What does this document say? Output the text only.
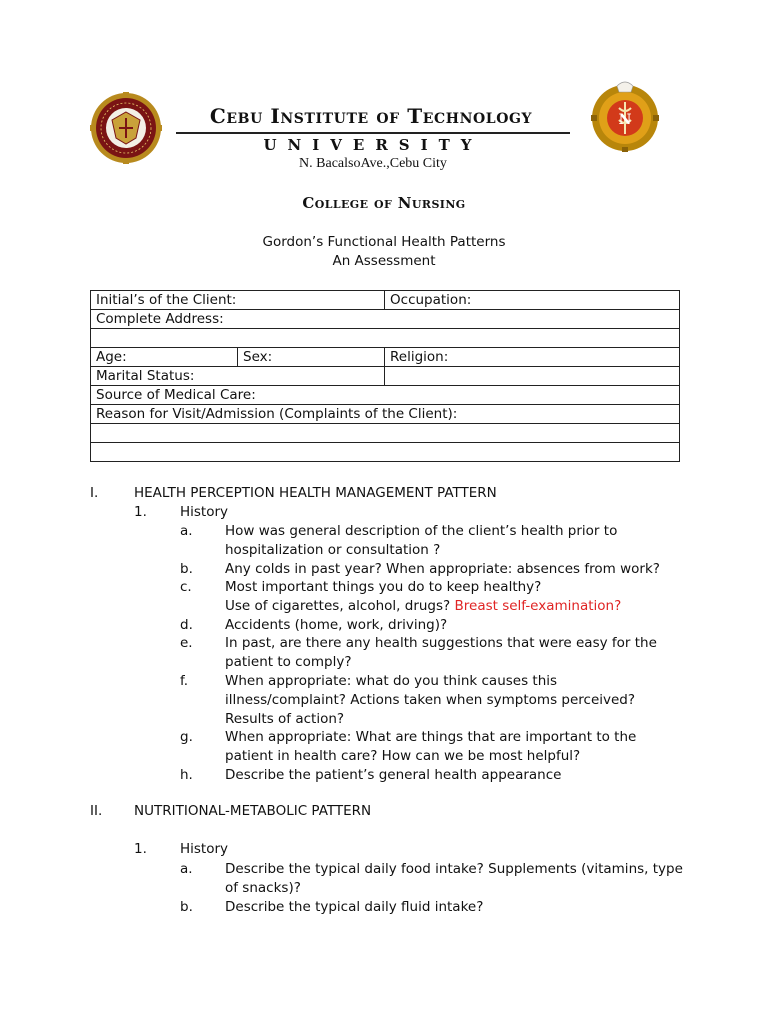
Cebu Institute of Technology
UNIVERSITY
N. BacalsoAve.,Cebu City
N
College of Nursing
Gordon’s Functional Health Patterns
An Assessment
Initial’s of the Client:		Occupation:
Complete Address:		

Age:	Sex:	Religion:
Marital Status:		
Source of Medical Care:		
Reason for Visit/Admission (Complaints of the Client):		

I.	HEALTH PERCEPTION HEALTH MANAGEMENT PATTERN
1. History
a. How was general description of the client’s health prior to
hospitalization or consultation ?
b. Any colds in past year? When appropriate: absences from work?
c. Most important things you do to keep healthy?
Use of cigarettes, alcohol, drugs? Breast self-examination?
d. Accidents (home, work, driving)?
e. In past, are there any health suggestions that were easy for the
patient to comply?
f.	When appropriate: what do you think causes this
illness/complaint? Actions taken when symptoms perceived?
Results of action?
g. When appropriate: What are things that are important to the
patient in health care? How can we be most helpful?
h. Describe the patient’s general health appearance
II. NUTRITIONAL-METABOLIC PATTERN
1. History
a. Describe the typical daily food intake? Supplements (vitamins, type
of snacks)?
b. Describe the typical daily fluid intake?
